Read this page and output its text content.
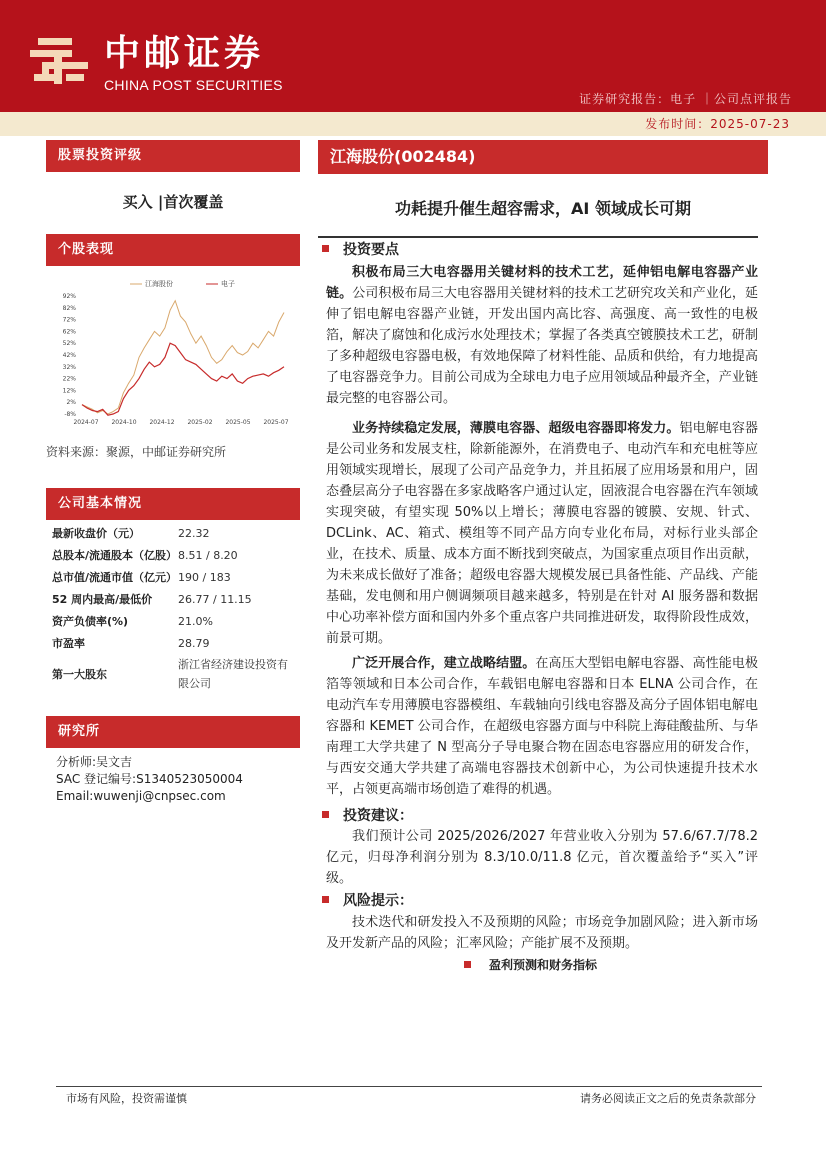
中邮证券
CHINA POST SECURITIES
证券研究报告：电子 ｜公司点评报告
发布时间：2025-07-23
股票投资评级
买入 |首次覆盖
个股表现
92%
82%
72%
62%
52%
42%
32%
22%
12%
2%
-8%
2024-07 2024-10 2024-12 2025-02 2025-05 2025-07
江海股份	电子
资料来源：聚源，中邮证券研究所
公司基本情况
最新收盘价（元）	22.32
总股本/流通股本（亿股）	8.51 / 8.20
总市值/流通市值（亿元）	190 / 183
52 周内最高/最低价	26.77 / 11.15
资产负债率(%)	21.0%
市盈率	28.79
第一大股东	浙江省经济建设投资有限公司
研究所
分析师:吴文吉
SAC 登记编号:S1340523050004
Email:wuwenji@cnpsec.com
江海股份(002484)
功耗提升催生超容需求，AI 领域成长可期
投资要点
积极布局三大电容器用关键材料的技术工艺，延伸铝电解电容器产业链。公司积极布局三大电容器用关键材料的技术工艺研究攻关和产业化，延伸了铝电解电容器产业链，开发出国内高比容、高强度、高一致性的电极箔，解决了腐蚀和化成污水处理技术；掌握了各类真空镀膜技术工艺，研制了多种超级电容器电极，有效地保障了材料性能、品质和供给，有力地提高了电容器竞争力。目前公司成为全球电力电子应用领域品种最齐全，产业链最完整的电容器公司。
业务持续稳定发展，薄膜电容器、超级电容器即将发力。铝电解电容器是公司业务和发展支柱，除新能源外，在消费电子、电动汽车和充电桩等应用领域实现增长，展现了公司产品竞争力，并且拓展了应用场景和用户，固态叠层高分子电容器在多家战略客户通过认定，固液混合电容器在汽车领域实现突破，有望实现 50%以上增长；薄膜电容器的镀膜、安规、针式、DCLink、AC、箱式、模组等不同产品方向专业化布局，对标行业头部企业，在技术、质量、成本方面不断找到突破点，为国家重点项目作出贡献，为未来成长做好了准备；超级电容器大规模发展已具备性能、产品线、产能基础，发电侧和用户侧调频项目越来越多，特别是在针对 AI 服务器和数据中心功率补偿方面和国内外多个重点客户共同推进研发，取得阶段性成效，前景可期。
广泛开展合作，建立战略结盟。在高压大型铝电解电容器、高性能电极箔等领域和日本公司合作，车载铝电解电容器和日本 ELNA 公司合作，在电动汽车专用薄膜电容器模组、车载轴向引线电容器及高分子固体铝电解电容器和 KEMET 公司合作，在超级电容器方面与中科院上海硅酸盐所、与华南理工大学共建了 N 型高分子导电聚合物在固态电容器应用的研发合作，与西安交通大学共建了高端电容器技术创新中心，为公司快速提升技术水平，占领更高端市场创造了难得的机遇。
投资建议：
我们预计公司 2025/2026/2027 年营业收入分别为 57.6/67.7/78.2 亿元，归母净利润分别为 8.3/10.0/11.8 亿元，首次覆盖给予“买入”评级。
风险提示：
技术迭代和研发投入不及预期的风险；市场竞争加剧风险；进入新市场及开发新产品的风险；汇率风险；产能扩展不及预期。
盈利预测和财务指标
市场有风险，投资需谨慎	请务必阅读正文之后的免责条款部分
